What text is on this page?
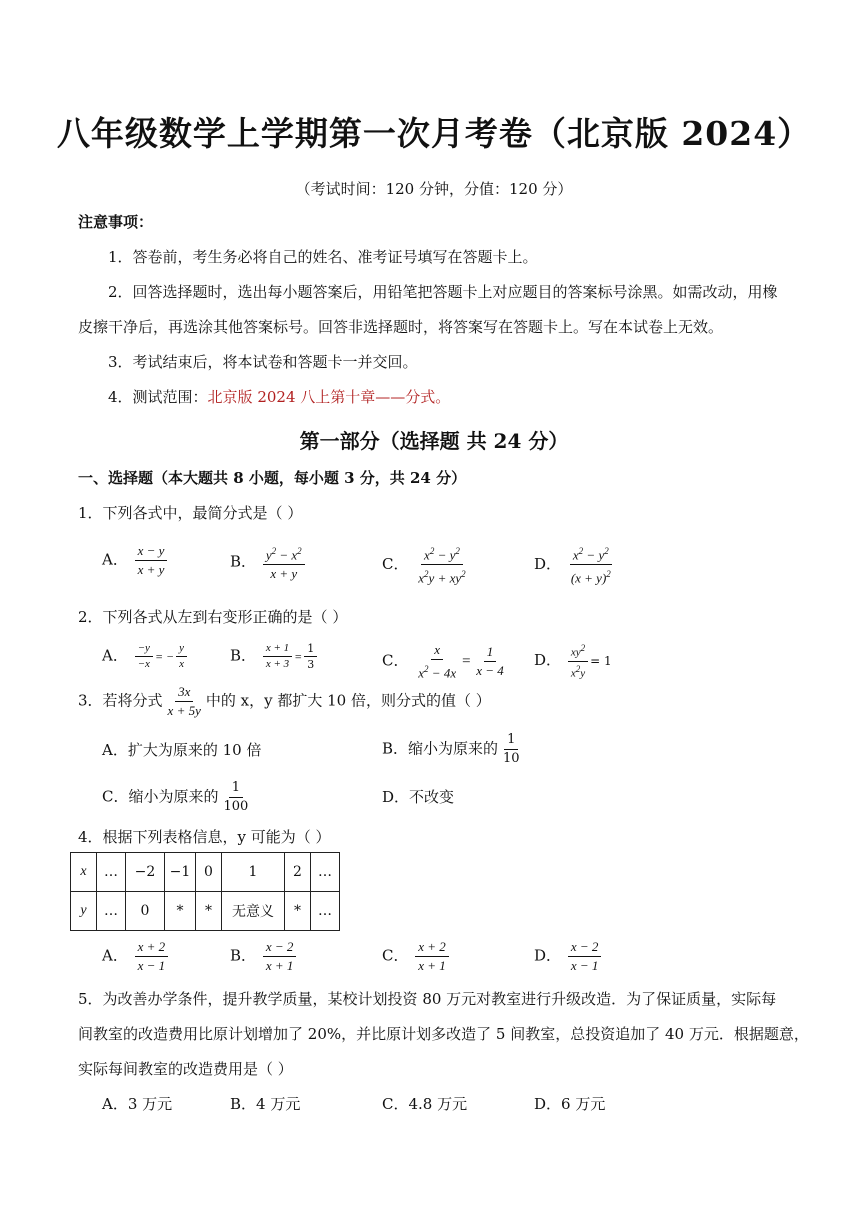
八年级数学上学期第一次月考卷（北京版 2024）
（考试时间：120 分钟，分值：120 分）
注意事项：
1．答卷前，考生务必将自己的姓名、准考证号填写在答题卡上。
2．回答选择题时，选出每小题答案后，用铅笔把答题卡上对应题目的答案标号涂黑。如需改动，用橡
皮擦干净后，再选涂其他答案标号。回答非选择题时，将答案写在答题卡上。写在本试卷上无效。
3．考试结束后，将本试卷和答题卡一并交回。
4．测试范围：北京版 2024 八上第十章——分式。
第一部分（选择题 共 24 分）
一、选择题（本大题共 8 小题，每小题 3 分，共 24 分）
1．下列各式中，最简分式是（ ）
A． $\frac{x - y}{x + y}$	B． $\frac{y^2 - x^2}{x + y}$	C． $\frac{x^2 - y^2}{x^2y + xy^2}$	D． $\frac{x^2 - y^2}{(x + y)^2}$
2．下列各式从左到右变形正确的是（ ）
A． $\frac{-y}{-x}$ = − $\frac{y}{x}$	B． $\frac{x + 1}{x + 3} = \frac{1}{3}$	C． $\frac{x}{x^2 - 4x} = \frac{1}{x - 4}$ D． $\frac{xy^2}{x^2y} = 1$
3．若将分式 $\frac{3x}{x + 5y}$ 中的 x，y 都扩大 10 倍，则分式的值（ ）
A．扩大为原来的 10 倍	B．缩小为原来的 $\frac{1}{10}$
C．缩小为原来的 $\frac{1}{100}$	D．不改变
4．根据下列表格信息，y 可能为（ ）
x	…	−2	−1	0	1	2	…
y	…	0	*	*	无意义	*	…
A． $\frac{x + 2}{x - 1}$	B． $\frac{x - 2}{x + 1}$	C． $\frac{x + 2}{x + 1}$	D． $\frac{x - 2}{x - 1}$
5．为改善办学条件，提升教学质量，某校计划投资 80 万元对教室进行升级改造．为了保证质量，实际每
间教室的改造费用比原计划增加了 20%，并比原计划多改造了 5 间教室，总投资追加了 40 万元．根据题意，
实际每间教室的改造费用是（ ）
A．3 万元	B．4 万元	C．4.8 万元	D．6 万元
